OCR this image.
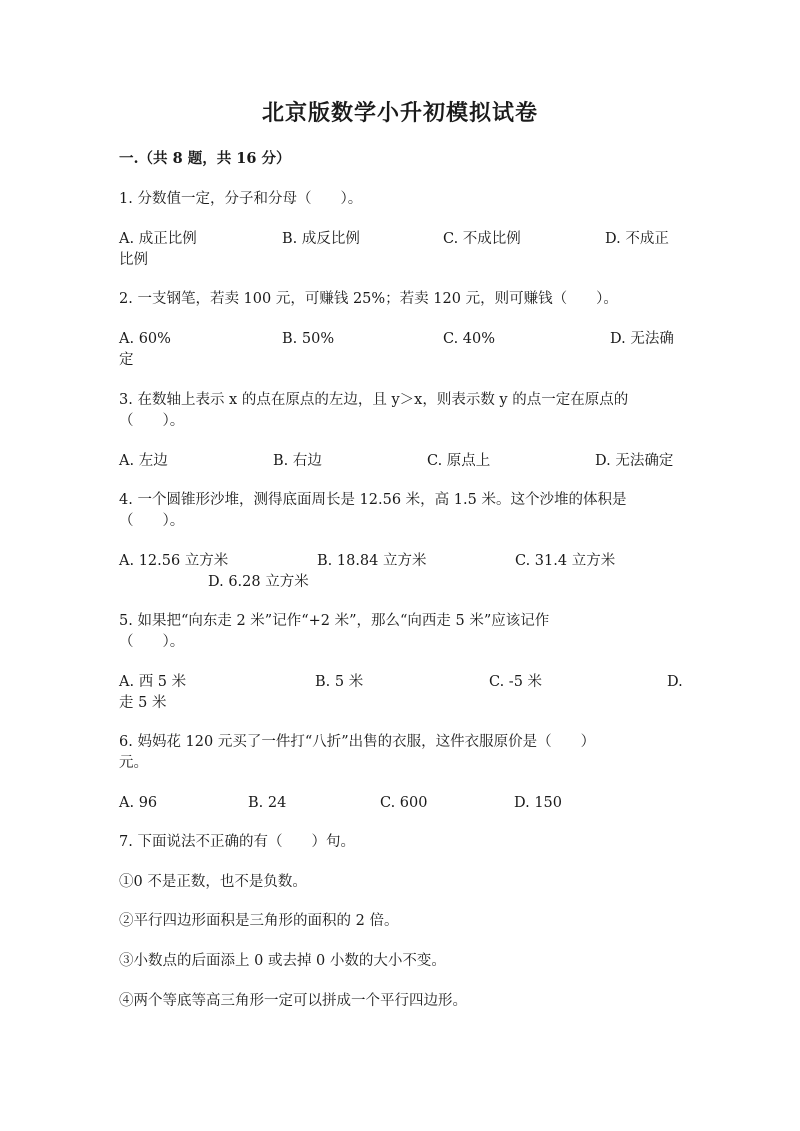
北京版数学小升初模拟试卷
一.（共 8 题，共 16 分）
1. 分数值一定，分子和分母（　　）。
A. 成正比例	B. 成反比例	C. 不成比例	D. 不成正
比例
2. 一支钢笔，若卖 100 元，可赚钱 25%；若卖 120 元，则可赚钱（　　）。
A. 60%	B. 50%	C. 40%	D. 无法确
定
3. 在数轴上表示 x 的点在原点的左边，且 y＞x，则表示数 y 的点一定在原点的
（　　）。
A. 左边	B. 右边	C. 原点上	D. 无法确定
4. 一个圆锥形沙堆，测得底面周长是 12.56 米，高 1.5 米。这个沙堆的体积是
（　　）。
A. 12.56 立方米	B. 18.84 立方米	C. 31.4 立方米
D. 6.28 立方米
5. 如果把“向东走 2 米”记作“+2 米”，那么“向西走 5 米”应该记作
（　　）。
A. 西 5 米	B. 5 米	C. -5 米	D.
走 5 米
6. 妈妈花 120 元买了一件打“八折”出售的衣服，这件衣服原价是（　　）
元。
A. 96	B. 24	C. 600	D. 150
7. 下面说法不正确的有（　　）句。
①0 不是正数，也不是负数。
②平行四边形面积是三角形的面积的 2 倍。
③小数点的后面添上 0 或去掉 0 小数的大小不变。
④两个等底等高三角形一定可以拼成一个平行四边形。
